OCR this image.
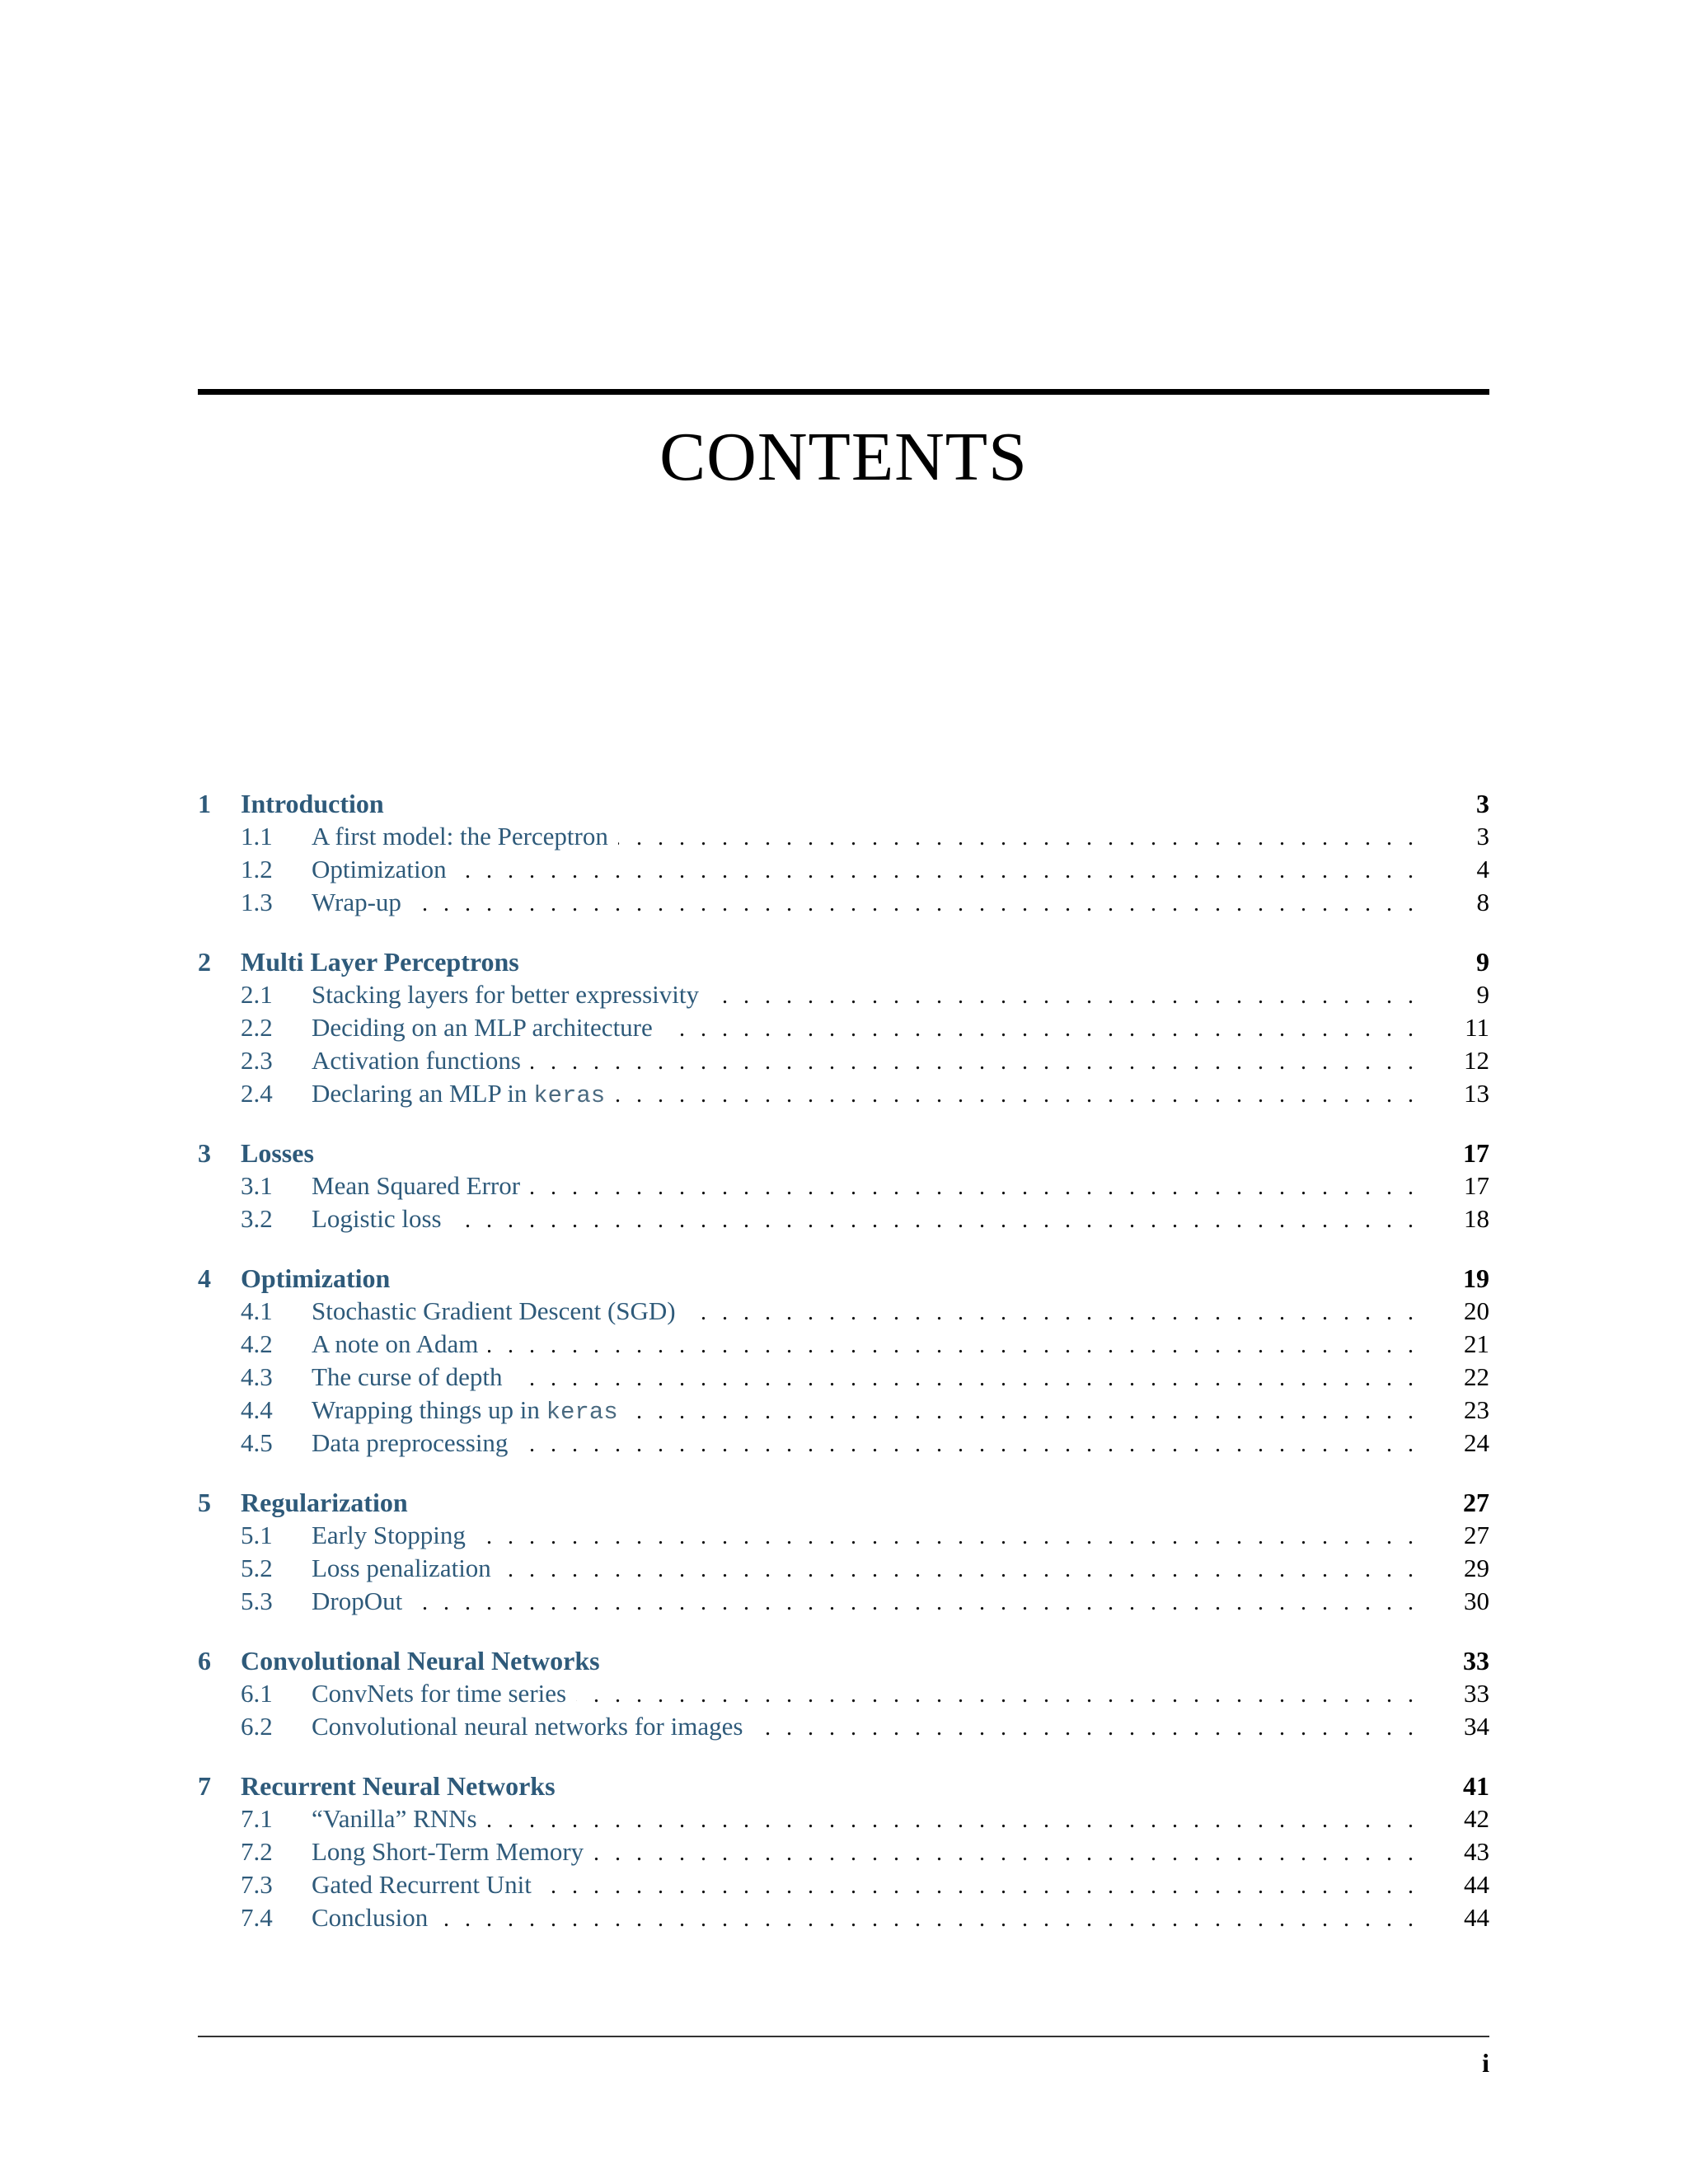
CONTENTS
1	Introduction	3
1.1	A first model: the Perceptron . . .	3
1.2	Optimization . . .	4
1.3	Wrap-up . . .	8
2	Multi Layer Perceptrons	9
2.1	Stacking layers for better expressivity . . .	9
2.2	Deciding on an MLP architecture . . .	11
2.3	Activation functions . . .	12
2.4	Declaring an MLP in keras . . .	13
3	Losses	17
3.1	Mean Squared Error . . .	17
3.2	Logistic loss . . .	18
4	Optimization	19
4.1	Stochastic Gradient Descent (SGD) . . .	20
4.2	A note on Adam . . .	21
4.3	The curse of depth . . .	22
4.4	Wrapping things up in keras . . .	23
4.5	Data preprocessing . . .	24
5	Regularization	27
5.1	Early Stopping . . .	27
5.2	Loss penalization . . .	29
5.3	DropOut . . .	30
6	Convolutional Neural Networks	33
6.1	ConvNets for time series . . .	33
6.2	Convolutional neural networks for images . . .	34
7	Recurrent Neural Networks	41
7.1	“Vanilla” RNNs . . .	42
7.2	Long Short-Term Memory . . .	43
7.3	Gated Recurrent Unit . . .	44
7.4	Conclusion . . .	44
i
